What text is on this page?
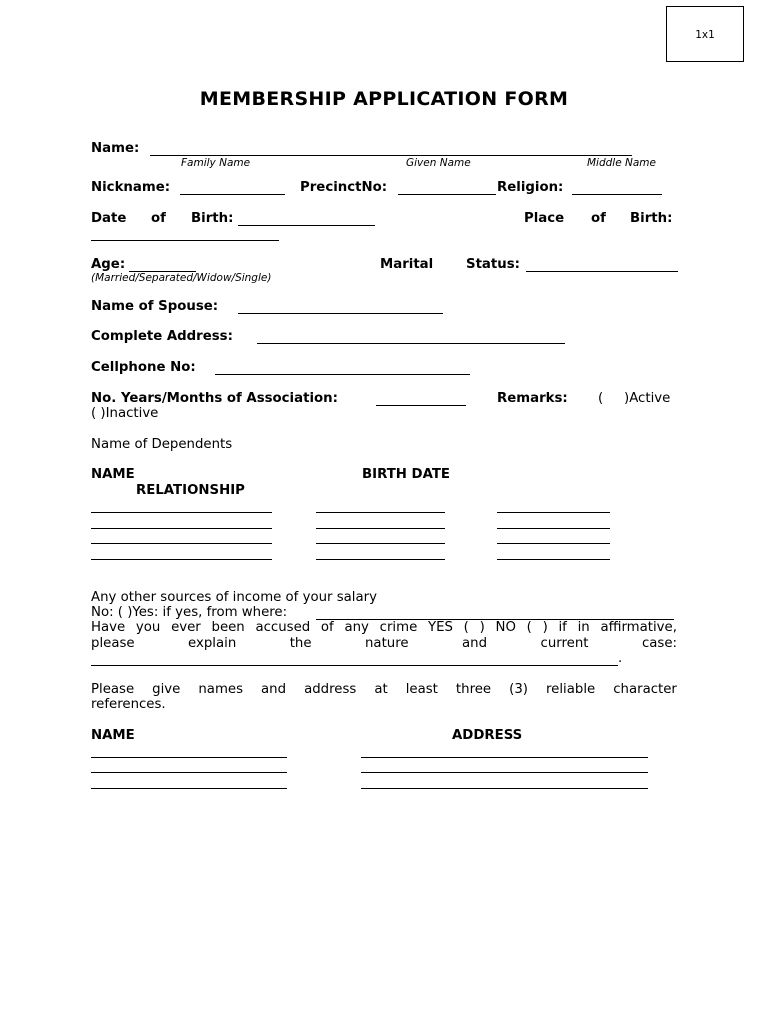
1x1
MEMBERSHIP APPLICATION FORM
Name:
Family Name	Given Name	Middle Name
Nickname:	PrecinctNo:	Religion:
Date of Birth:	Place of Birth:
Age:	Marital Status:
(Married/Separated/Widow/Single)
Name of Spouse:
Complete Address:
Cellphone No:
No. Years/Months of Association:	Remarks: ( )Active
( )Inactive
Name of Dependents
NAME	BIRTH DATE
RELATIONSHIP
Any other sources of income of your salary
No: ( )Yes: if yes, from where:
Have you ever been accused of any crime YES ( ) NO ( ) if in affirmative,
please	explain	the	nature	and	current	case:
.
Please give names and address at least three (3) reliable character
references.
NAME	ADDRESS
